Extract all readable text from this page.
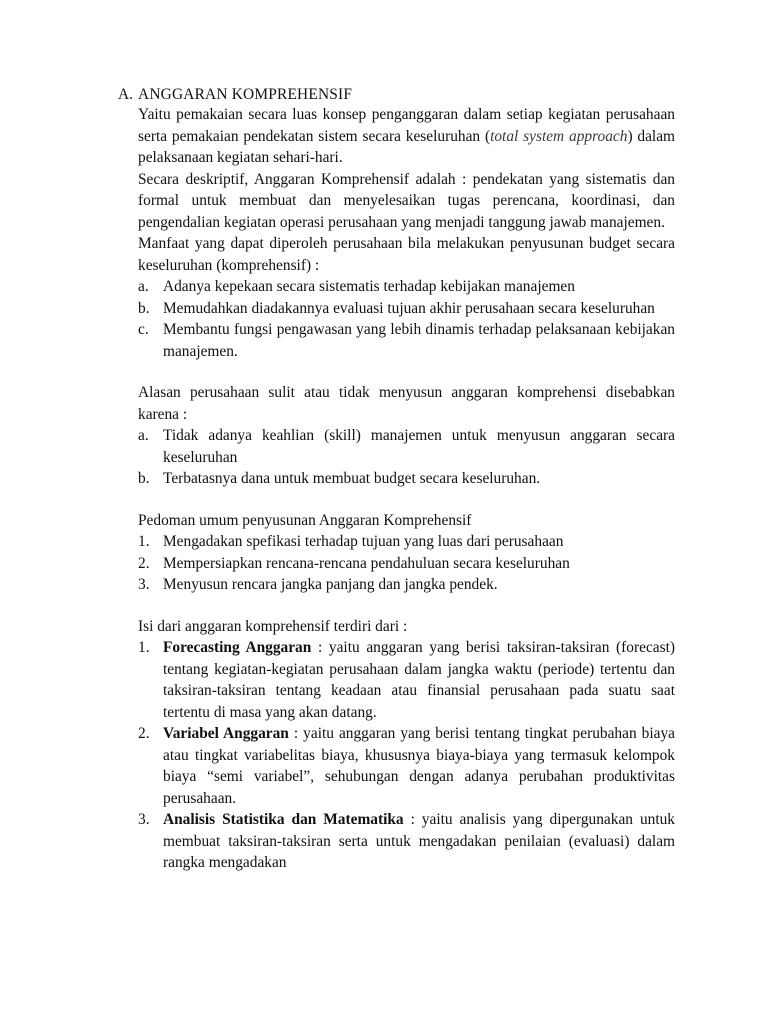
A. ANGGARAN KOMPREHENSIF

Yaitu pemakaian secara luas konsep penganggaran dalam setiap kegiatan perusahaan serta pemakaian pendekatan sistem secara keseluruhan (total system approach) dalam pelaksanaan kegiatan sehari-hari.

Secara deskriptif, Anggaran Komprehensif adalah : pendekatan yang sistematis dan formal untuk membuat dan menyelesaikan tugas perencana, koordinasi, dan pengendalian kegiatan operasi perusahaan yang menjadi tanggung jawab manajemen.

Manfaat yang dapat diperoleh perusahaan bila melakukan penyusunan budget secara keseluruhan (komprehensif) :

a. Adanya kepekaan secara sistematis terhadap kebijakan manajemen
b. Memudahkan diadakannya evaluasi tujuan akhir perusahaan secara keseluruhan
c. Membantu fungsi pengawasan yang lebih dinamis terhadap pelaksanaan kebijakan manajemen.

Alasan perusahaan sulit atau tidak menyusun anggaran komprehensi disebabkan karena :

a. Tidak adanya keahlian (skill) manajemen untuk menyusun anggaran secara keseluruhan
b. Terbatasnya dana untuk membuat budget secara keseluruhan.

Pedoman umum penyusunan Anggaran Komprehensif

1. Mengadakan spefikasi terhadap tujuan yang luas dari perusahaan
2. Mempersiapkan rencana-rencana pendahuluan secara keseluruhan
3. Menyusun rencara jangka panjang dan jangka pendek.

Isi dari anggaran komprehensif terdiri dari :

1. Forecasting Anggaran : yaitu anggaran yang berisi taksiran-taksiran (forecast) tentang kegiatan-kegiatan perusahaan dalam jangka waktu (periode) tertentu dan taksiran-taksiran tentang keadaan atau finansial perusahaan pada suatu saat tertentu di masa yang akan datang.
2. Variabel Anggaran : yaitu anggaran yang berisi tentang tingkat perubahan biaya atau tingkat variabelitas biaya, khususnya biaya-biaya yang termasuk kelompok biaya “semi variabel”, sehubungan dengan adanya perubahan produktivitas perusahaan.
3. Analisis Statistika dan Matematika : yaitu analisis yang dipergunakan untuk membuat taksiran-taksiran serta untuk mengadakan penilaian (evaluasi) dalam rangka mengadakan
